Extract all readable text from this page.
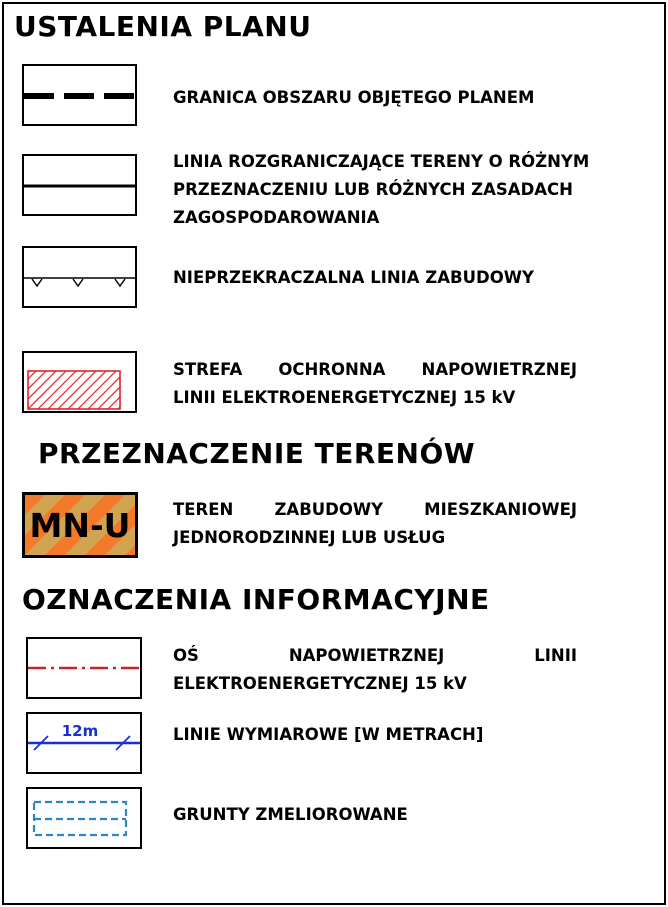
USTALENIA PLANU
GRANICA OBSZARU OBJĘTEGO PLANEM
LINIA ROZGRANICZAJĄCE TERENY O RÓŻNYM
PRZEZNACZENIU LUB RÓŻNYCH ZASADACH
ZAGOSPODAROWANIA
NIEPRZEKRACZALNA LINIA ZABUDOWY
STREFA OCHRONNA NAPOWIETRZNEJ
LINII ELEKTROENERGETYCZNEJ 15 kV
PRZEZNACZENIE TERENÓW
MN-U	TEREN ZABUDOWY MIESZKANIOWEJ
JEDNORODZINNEJ LUB USŁUG
OZNACZENIA INFORMACYJNE
OŚ NAPOWIETRZNEJ LINII
ELEKTROENERGETYCZNEJ 15 kV
12m	LINIE WYMIAROWE [W METRACH]
GRUNTY ZMELIOROWANE
